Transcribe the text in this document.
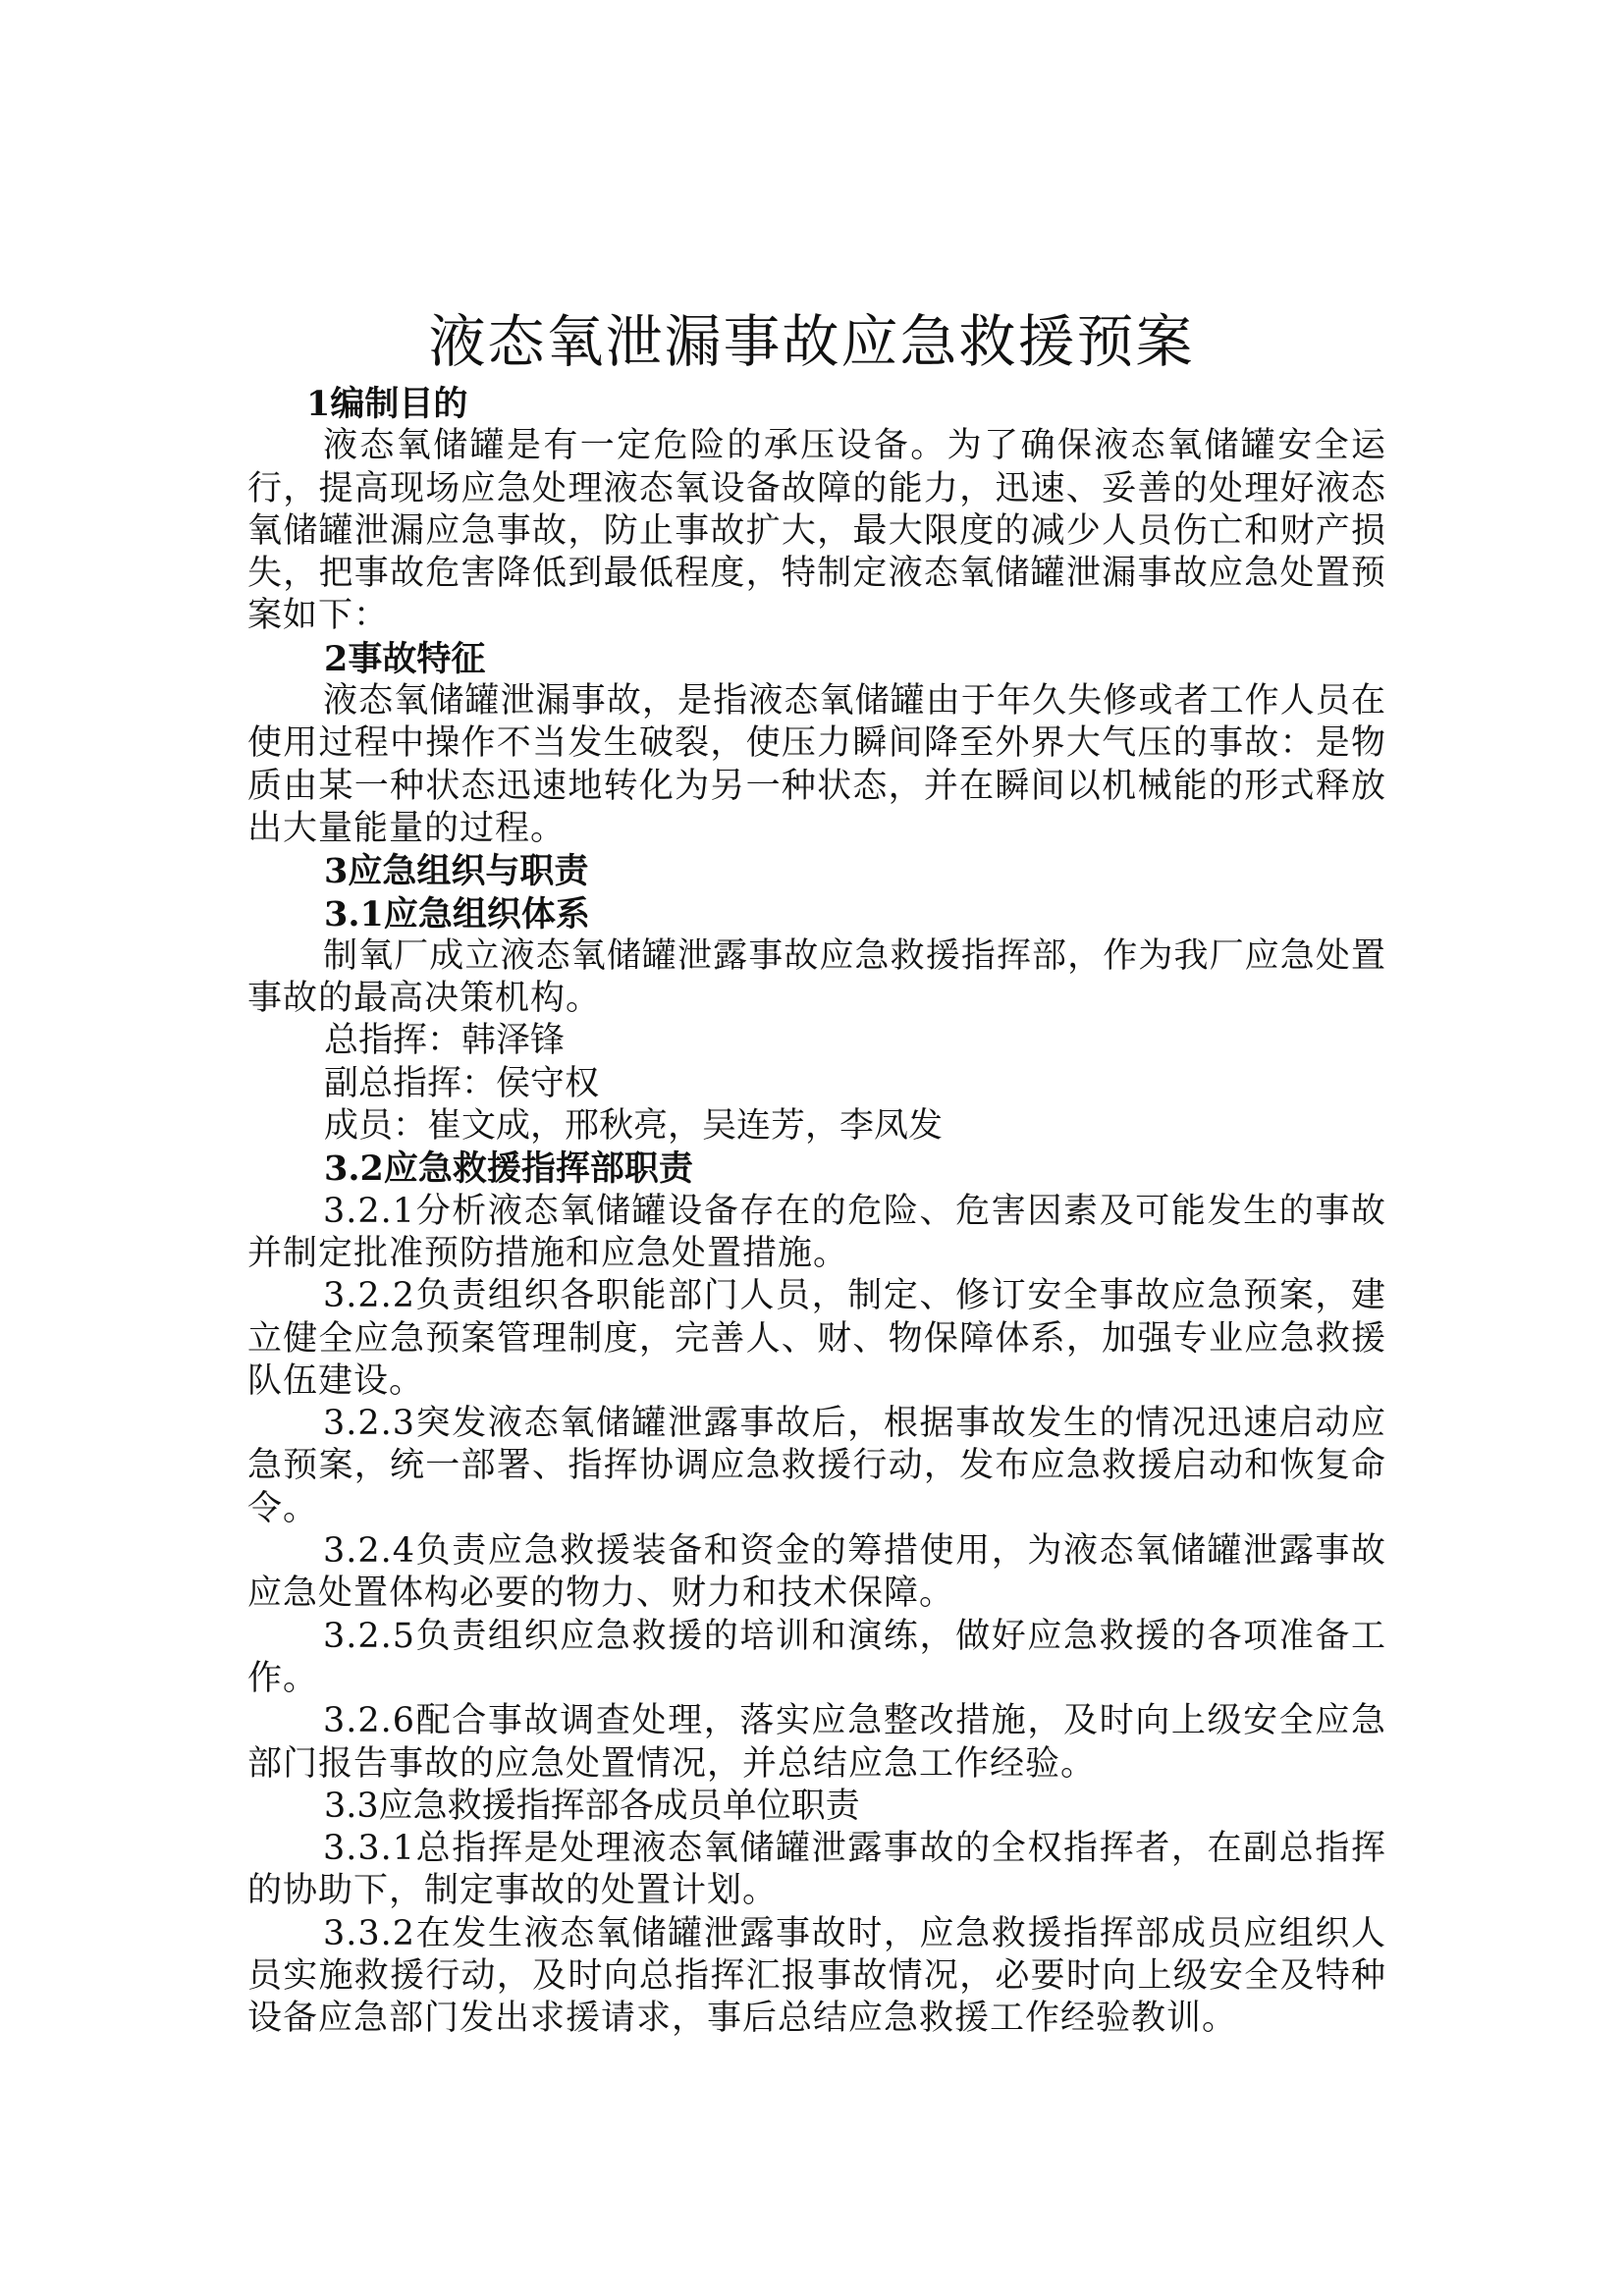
液态氧泄漏事故应急救援预案

1编制目的

液态氧储罐是有一定危险的承压设备。为了确保液态氧储罐安全运行，提高现场应急处理液态氧设备故障的能力，迅速、妥善的处理好液态氧储罐泄漏应急事故，防止事故扩大，最大限度的减少人员伤亡和财产损失，把事故危害降低到最低程度，特制定液态氧储罐泄漏事故应急处置预案如下：

2事故特征

液态氧储罐泄漏事故，是指液态氧储罐由于年久失修或者工作人员在使用过程中操作不当发生破裂，使压力瞬间降至外界大气压的事故：是物质由某一种状态迅速地转化为另一种状态，并在瞬间以机械能的形式释放出大量能量的过程。

3应急组织与职责

3.1应急组织体系

制氧厂成立液态氧储罐泄露事故应急救援指挥部，作为我厂应急处置事故的最高决策机构。

总指挥：韩泽锋

副总指挥：侯守权

成员：崔文成，邢秋亮，吴连芳，李凤发

3.2应急救援指挥部职责

3.2.1分析液态氧储罐设备存在的危险、危害因素及可能发生的事故并制定批准预防措施和应急处置措施。

3.2.2负责组织各职能部门人员，制定、修订安全事故应急预案，建立健全应急预案管理制度，完善人、财、物保障体系，加强专业应急救援队伍建设。

3.2.3突发液态氧储罐泄露事故后，根据事故发生的情况迅速启动应急预案，统一部署、指挥协调应急救援行动，发布应急救援启动和恢复命令。

3.2.4负责应急救援装备和资金的筹措使用，为液态氧储罐泄露事故应急处置体构必要的物力、财力和技术保障。

3.2.5负责组织应急救援的培训和演练，做好应急救援的各项准备工作。

3.2.6配合事故调查处理，落实应急整改措施，及时向上级安全应急部门报告事故的应急处置情况，并总结应急工作经验。

3.3应急救援指挥部各成员单位职责

3.3.1总指挥是处理液态氧储罐泄露事故的全权指挥者，在副总指挥的协助下，制定事故的处置计划。

3.3.2在发生液态氧储罐泄露事故时，应急救援指挥部成员应组织人员实施救援行动，及时向总指挥汇报事故情况，必要时向上级安全及特种设备应急部门发出求援请求，事后总结应急救援工作经验教训。
